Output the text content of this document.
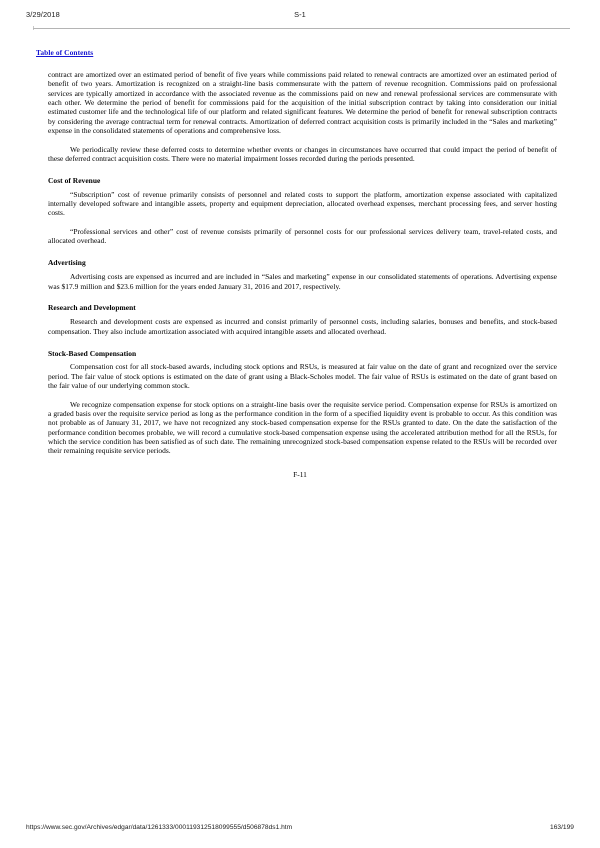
3/29/2018	S-1
Table of Contents

contract are amortized over an estimated period of benefit of five years while commissions paid related to renewal contracts are amortized over an estimated period of benefit of two years. Amortization is recognized on a straight-line basis commensurate with the pattern of revenue recognition. Commissions paid on professional services are typically amortized in accordance with the associated revenue as the commissions paid on new and renewal professional services are commensurate with each other. We determine the period of benefit for commissions paid for the acquisition of the initial subscription contract by taking into consideration our initial estimated customer life and the technological life of our platform and related significant features. We determine the period of benefit for renewal subscription contracts by considering the average contractual term for renewal contracts. Amortization of deferred contract acquisition costs is primarily included in the “Sales and marketing” expense in the consolidated statements of operations and comprehensive loss.

We periodically review these deferred costs to determine whether events or changes in circumstances have occurred that could impact the period of benefit of these deferred contract acquisition costs. There were no material impairment losses recorded during the periods presented.

Cost of Revenue

“Subscription” cost of revenue primarily consists of personnel and related costs to support the platform, amortization expense associated with capitalized internally developed software and intangible assets, property and equipment depreciation, allocated overhead expenses, merchant processing fees, and server hosting costs.

“Professional services and other” cost of revenue consists primarily of personnel costs for our professional services delivery team, travel-related costs, and allocated overhead.

Advertising

Advertising costs are expensed as incurred and are included in “Sales and marketing” expense in our consolidated statements of operations. Advertising expense was $17.9 million and $23.6 million for the years ended January 31, 2016 and 2017, respectively.

Research and Development

Research and development costs are expensed as incurred and consist primarily of personnel costs, including salaries, bonuses and benefits, and stock-based compensation. They also include amortization associated with acquired intangible assets and allocated overhead.

Stock-Based Compensation

Compensation cost for all stock-based awards, including stock options and RSUs, is measured at fair value on the date of grant and recognized over the service period. The fair value of stock options is estimated on the date of grant using a Black-Scholes model. The fair value of RSUs is estimated on the date of grant based on the fair value of our underlying common stock.

We recognize compensation expense for stock options on a straight-line basis over the requisite service period. Compensation expense for RSUs is amortized on a graded basis over the requisite service period as long as the performance condition in the form of a specified liquidity event is probable to occur. As this condition was not probable as of January 31, 2017, we have not recognized any stock-based compensation expense for the RSUs granted to date. On the date the satisfaction of the performance condition becomes probable, we will record a cumulative stock-based compensation expense using the accelerated attribution method for all the RSUs, for which the service condition has been satisfied as of such date. The remaining unrecognized stock-based compensation expense related to the RSUs will be recorded over their remaining requisite service periods.

F-11
https://www.sec.gov/Archives/edgar/data/1261333/000119312518099555/d506878ds1.htm	163/199
